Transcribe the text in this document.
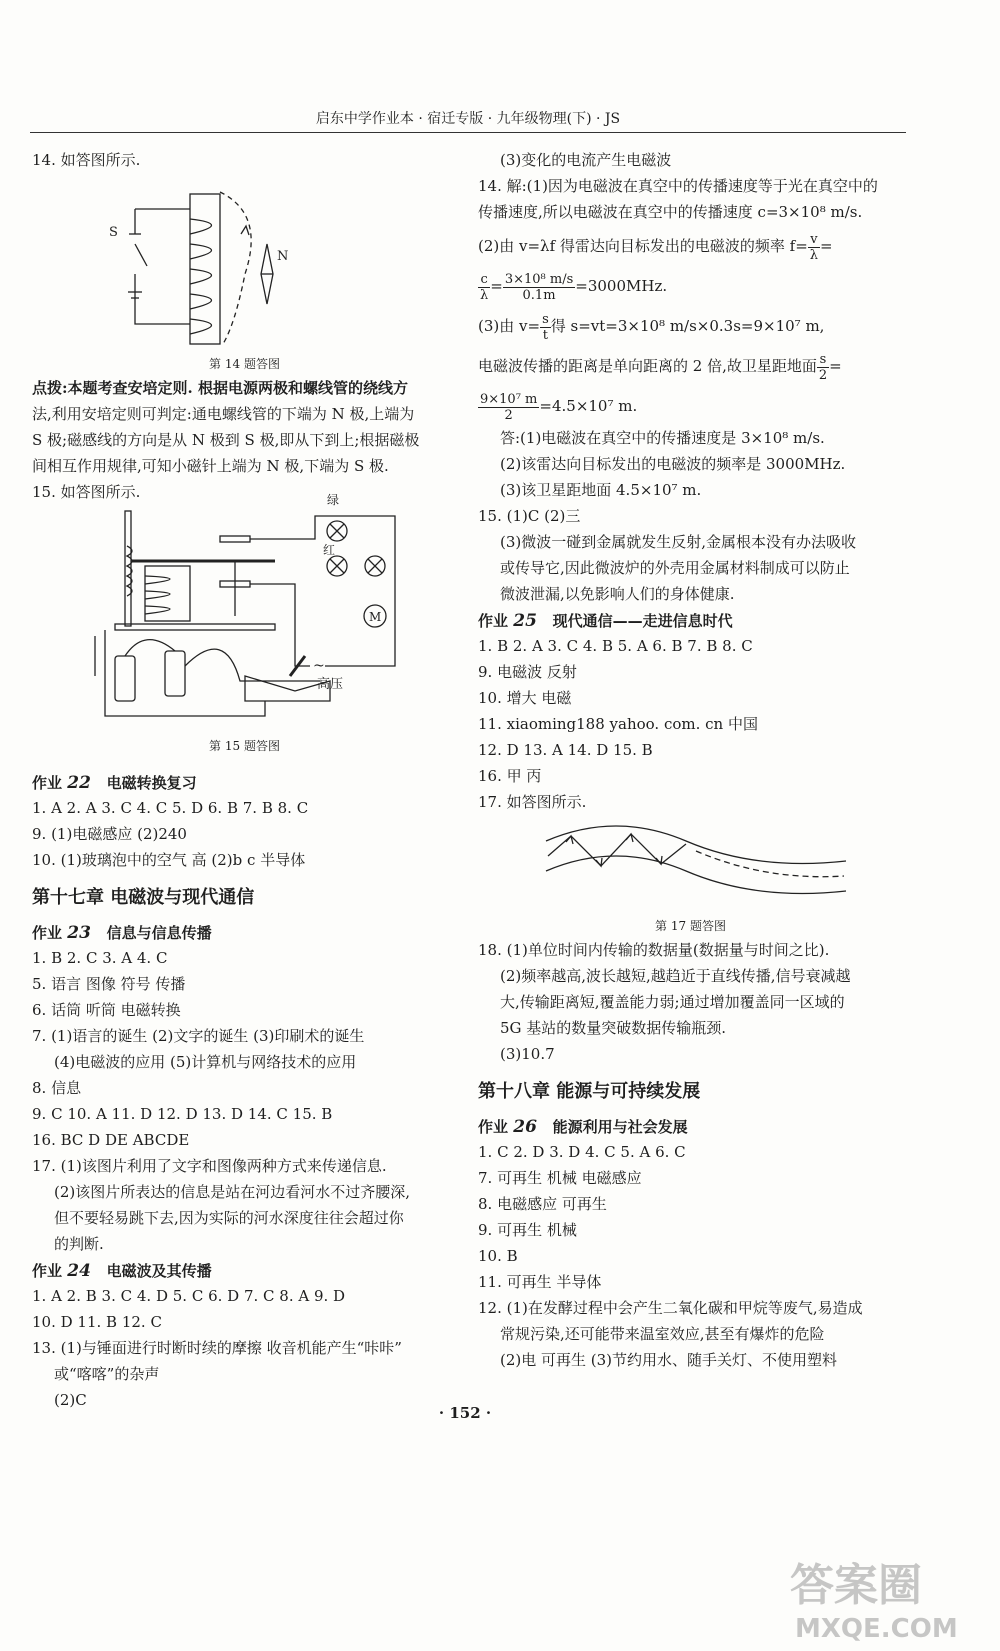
启东中学作业本 · 宿迁专版 · 九年级物理(下) · JS
14. 如答图所示.
S
N
第 14 题答图
点拨:本题考查安培定则. 根据电源两极和螺线管的绕线方
法,利用安培定则可判定:通电螺线管的下端为 N 极,上端为
S 极;磁感线的方向是从 N 极到 S 极,即从下到上;根据磁极
间相互作用规律,可知小磁针上端为 N 极,下端为 S 极.
15. 如答图所示.	绿
红
M
~
高压
第 15 题答图
作业 22 电磁转换复习
1. A 2. A 3. C 4. C 5. D 6. B 7. B 8. C
9. (1)电磁感应 (2)240
10. (1)玻璃泡中的空气 高 (2)b c 半导体
第十七章 电磁波与现代通信
作业 23 信息与信息传播
1. B 2. C 3. A 4. C
5. 语言 图像 符号 传播
6. 话筒 听筒 电磁转换
7. (1)语言的诞生 (2)文字的诞生 (3)印刷术的诞生
(4)电磁波的应用 (5)计算机与网络技术的应用
8. 信息
9. C 10. A 11. D 12. D 13. D 14. C 15. B
16. BC D DE ABCDE
17. (1)该图片利用了文字和图像两种方式来传递信息.
(2)该图片所表达的信息是站在河边看河水不过齐腰深,
但不要轻易跳下去,因为实际的河水深度往往会超过你
的判断.
作业 24 电磁波及其传播
1. A 2. B 3. C 4. D 5. C 6. D 7. C 8. A 9. D
10. D 11. B 12. C
13. (1)与锤面进行时断时续的摩擦 收音机能产生“咔咔”
或“喀喀”的杂声
(2)C
(3)变化的电流产生电磁波
14. 解:(1)因为电磁波在真空中的传播速度等于光在真空中的
传播速度,所以电磁波在真空中的传播速度 c=3×10⁸ m/s.
(2)由 v=λf 得雷达向目标发出的电磁波的频率 $f= \frac{v}{\lambda}$ =
$\frac{c}{\lambda} = \frac{\text{3×10⁸ m/s}}{0.1m} =3000MHz$.
(3)由 $v= \frac{s}{t}$ 得 s=vt=3×10⁸ m/s×0.3s=9×10⁷ m,
电磁波传播的距离是单向距离的 2 倍,故卫星距地面 $\frac{s}{2}$ =
$\frac{\text{9×10⁷ m}}{2} =4.5\times 10^7$ m.
答:(1)电磁波在真空中的传播速度是 3×10⁸ m/s.
(2)该雷达向目标发出的电磁波的频率是 3000MHz.
(3)该卫星距地面 4.5×10⁷ m.
15. (1)C (2)三
(3)微波一碰到金属就发生反射,金属根本没有办法吸收
或传导它,因此微波炉的外壳用金属材料制成可以防止
微波泄漏,以免影响人们的身体健康.
作业 25 现代通信——走进信息时代
1. B 2. A 3. C 4. B 5. A 6. B 7. B 8. C
9. 电磁波 反射
10. 增大 电磁
11. xiaoming188 yahoo. com. cn 中国
12. D 13. A 14. D 15. B
16. 甲 丙
17. 如答图所示.
第 17 题答图
18. (1)单位时间内传输的数据量(数据量与时间之比).
(2)频率越高,波长越短,越趋近于直线传播,信号衰减越
大,传输距离短,覆盖能力弱;通过增加覆盖同一区域的
5G 基站的数量突破数据传输瓶颈.
(3)10.7
第十八章 能源与可持续发展
作业 26 能源利用与社会发展
1. C 2. D 3. D 4. C 5. A 6. C
7. 可再生 机械 电磁感应
8. 电磁感应 可再生
9. 可再生 机械
10. B
11. 可再生 半导体
12. (1)在发酵过程中会产生二氧化碳和甲烷等废气,易造成
常规污染,还可能带来温室效应,甚至有爆炸的危险
(2)电 可再生 (3)节约用水、随手关灯、不使用塑料
· 152 ·
答案圈
MXQE.COM
